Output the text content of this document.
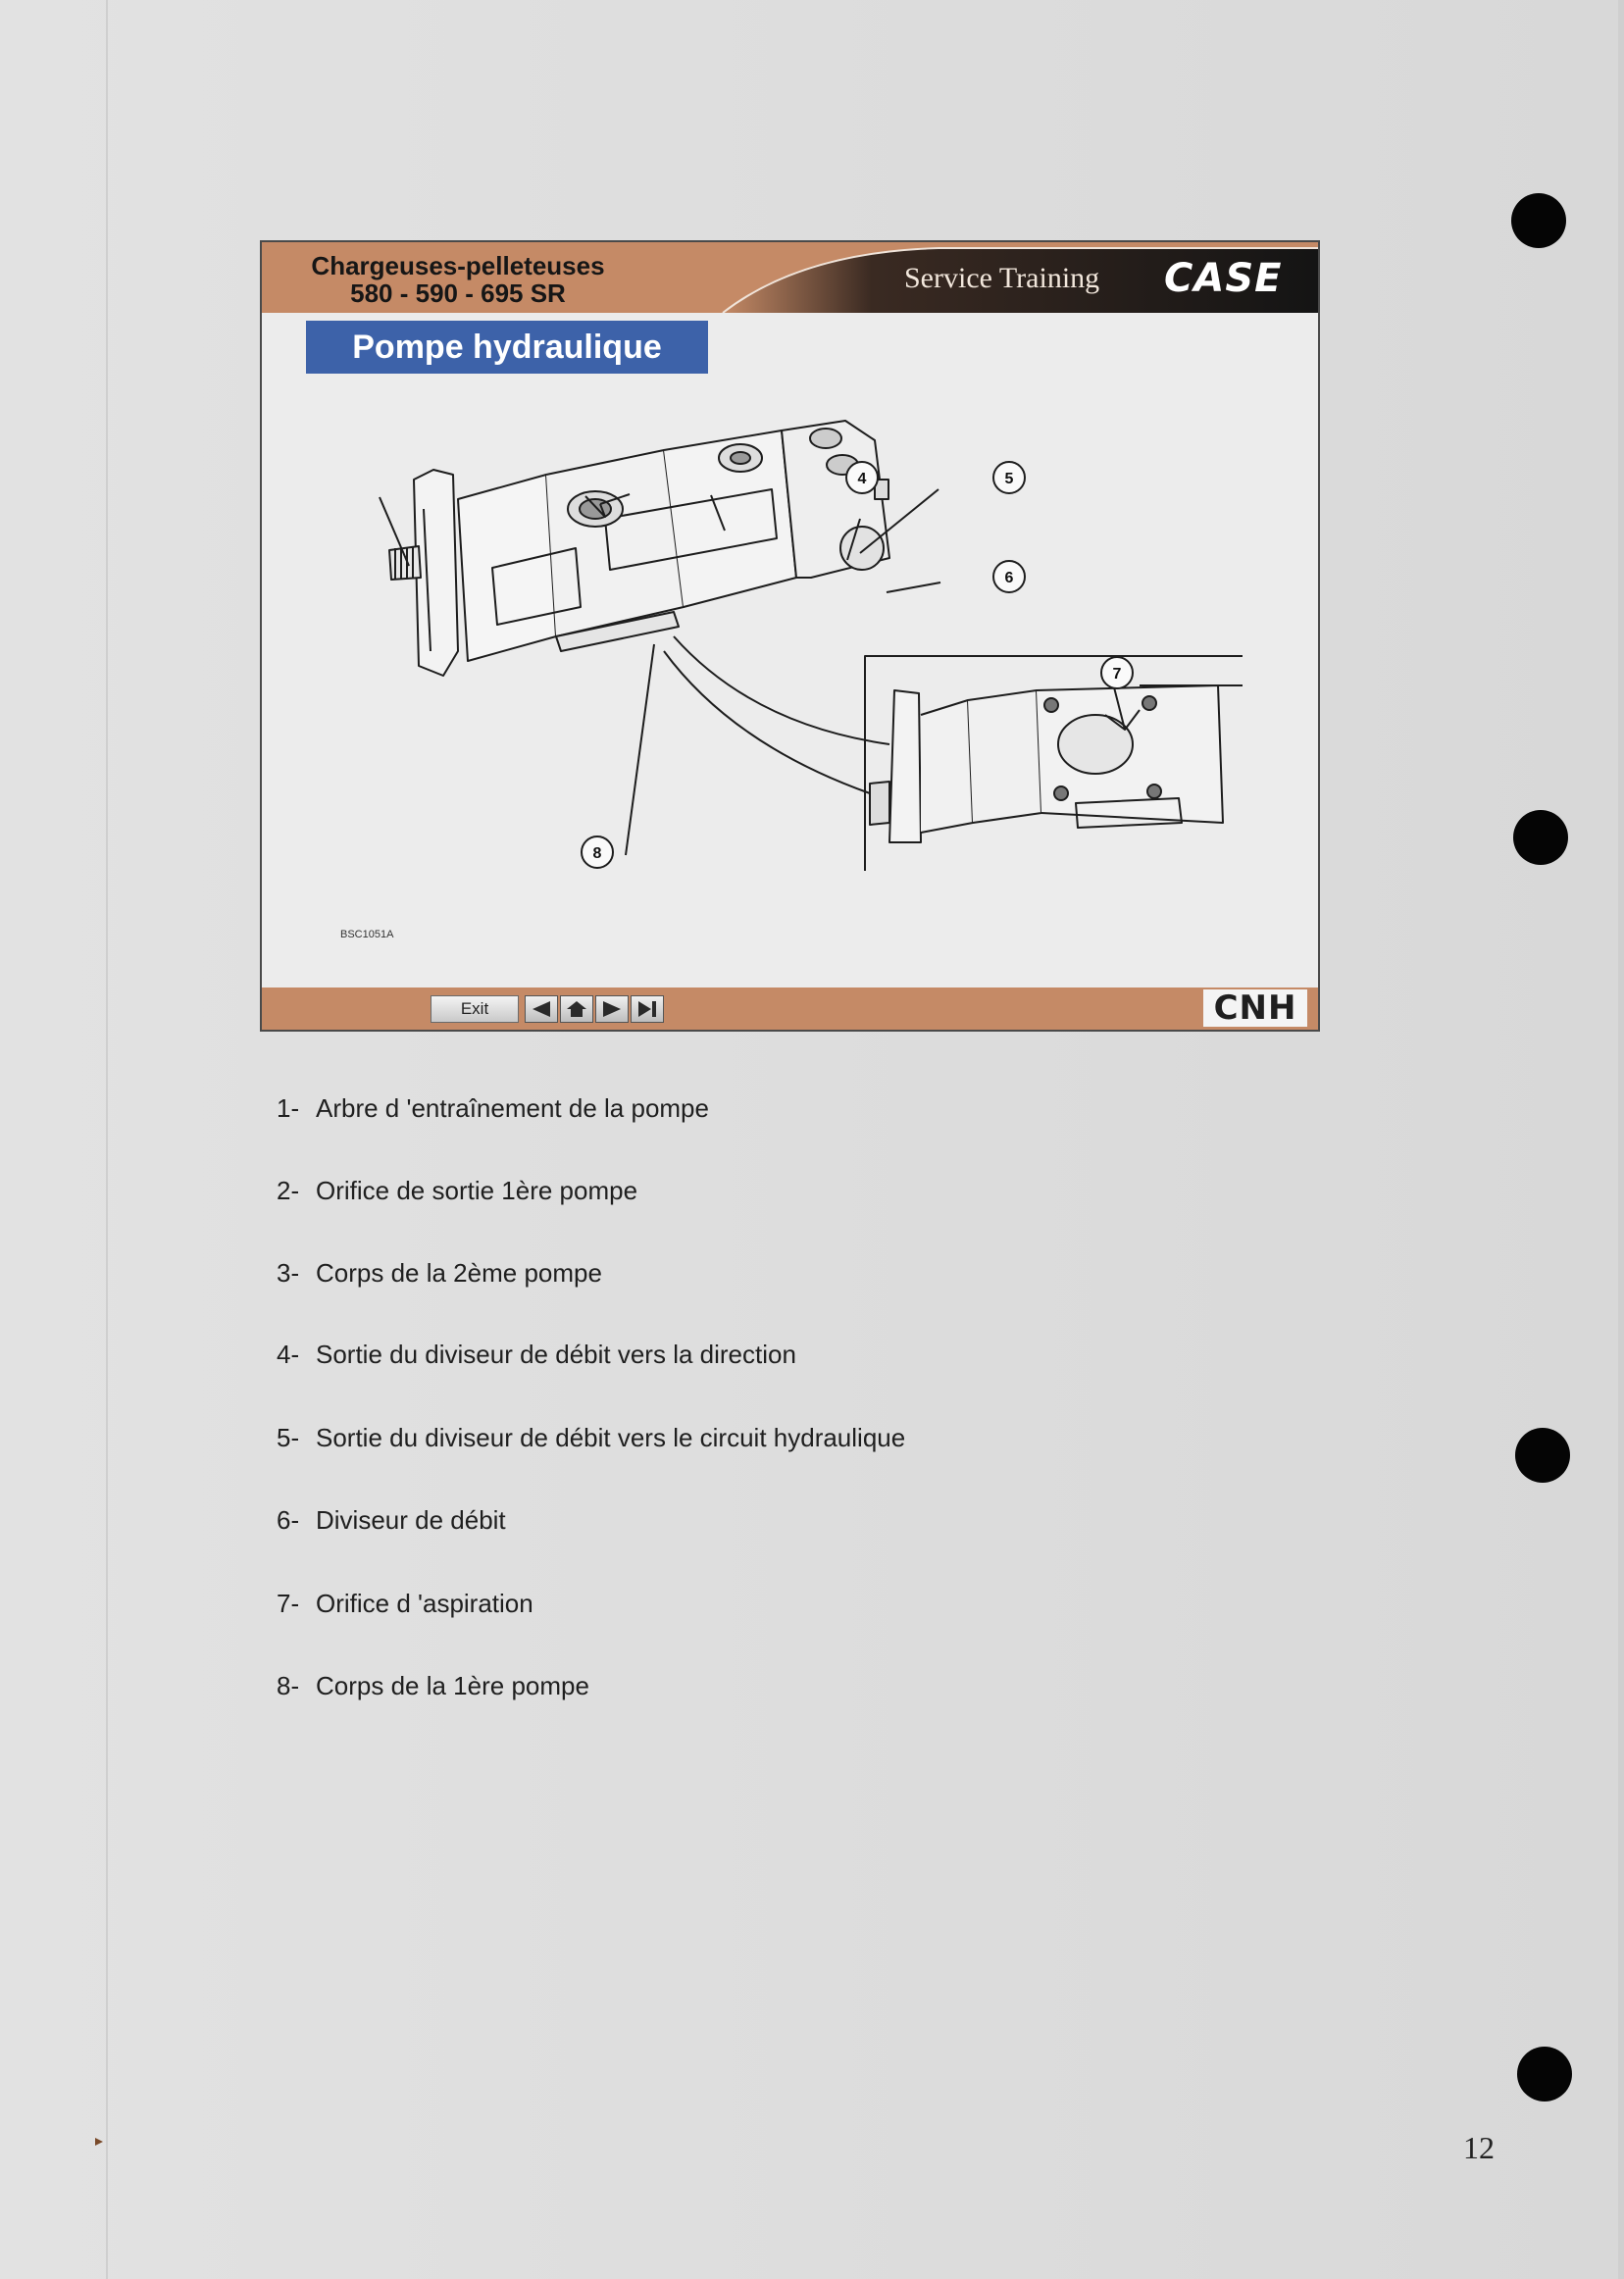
Chargeuses-pelleteuses
580 - 590 - 695 SR	Service Training CASE
4	5
6
7
8
Pompe hydraulique
BSC1051A
Exit	CNH
1- Arbre d 'entraînement de la pompe
2- Orifice de sortie 1ère pompe
3- Corps de la 2ème pompe
4- Sortie du diviseur de débit vers la direction
5- Sortie du diviseur de débit vers le circuit hydraulique
6- Diviseur de débit
7- Orifice d 'aspiration
8- Corps de la 1ère pompe
12
